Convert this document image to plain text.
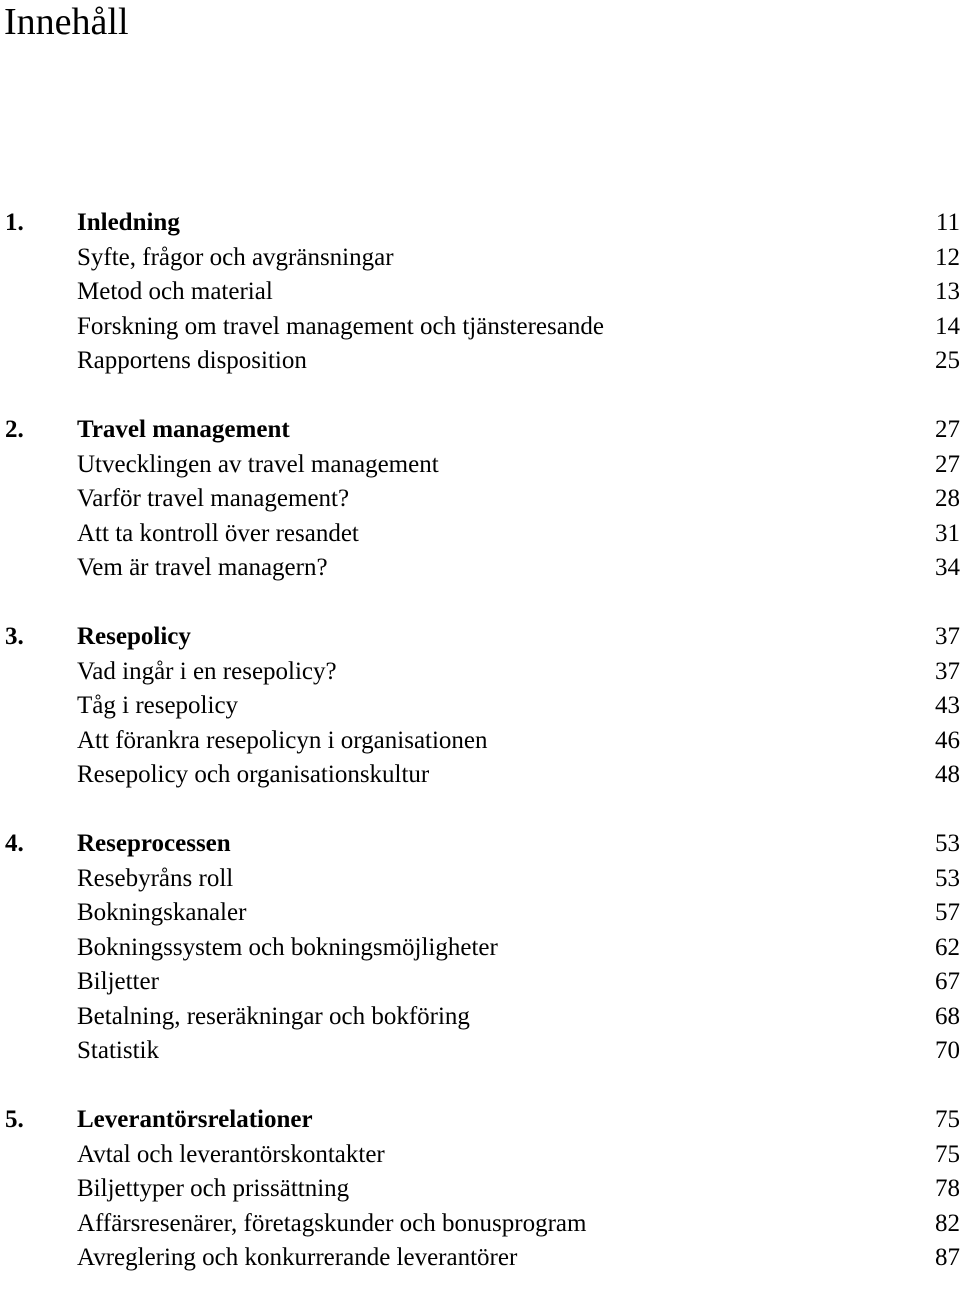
Innehåll
1. Inledning	11
Syfte, frågor och avgränsningar	12
Metod och material	13
Forskning om travel management och tjänsteresande	14
Rapportens disposition	25
2. Travel management	27
Utvecklingen av travel management	27
Varför travel management?	28
Att ta kontroll över resandet	31
Vem är travel managern?	34
3. Resepolicy	37
Vad ingår i en resepolicy?	37
Tåg i resepolicy	43
Att förankra resepolicyn i organisationen	46
Resepolicy och organisationskultur	48
4. Reseprocessen	53
Resebyråns roll	53
Bokningskanaler	57
Bokningssystem och bokningsmöjligheter	62
Biljetter	67
Betalning, reseräkningar och bokföring	68
Statistik	70
5. Leverantörsrelationer	75
Avtal och leverantörskontakter	75
Biljettyper och prissättning	78
Affärsresenärer, företagskunder och bonusprogram	82
Avreglering och konkurrerande leverantörer	87
